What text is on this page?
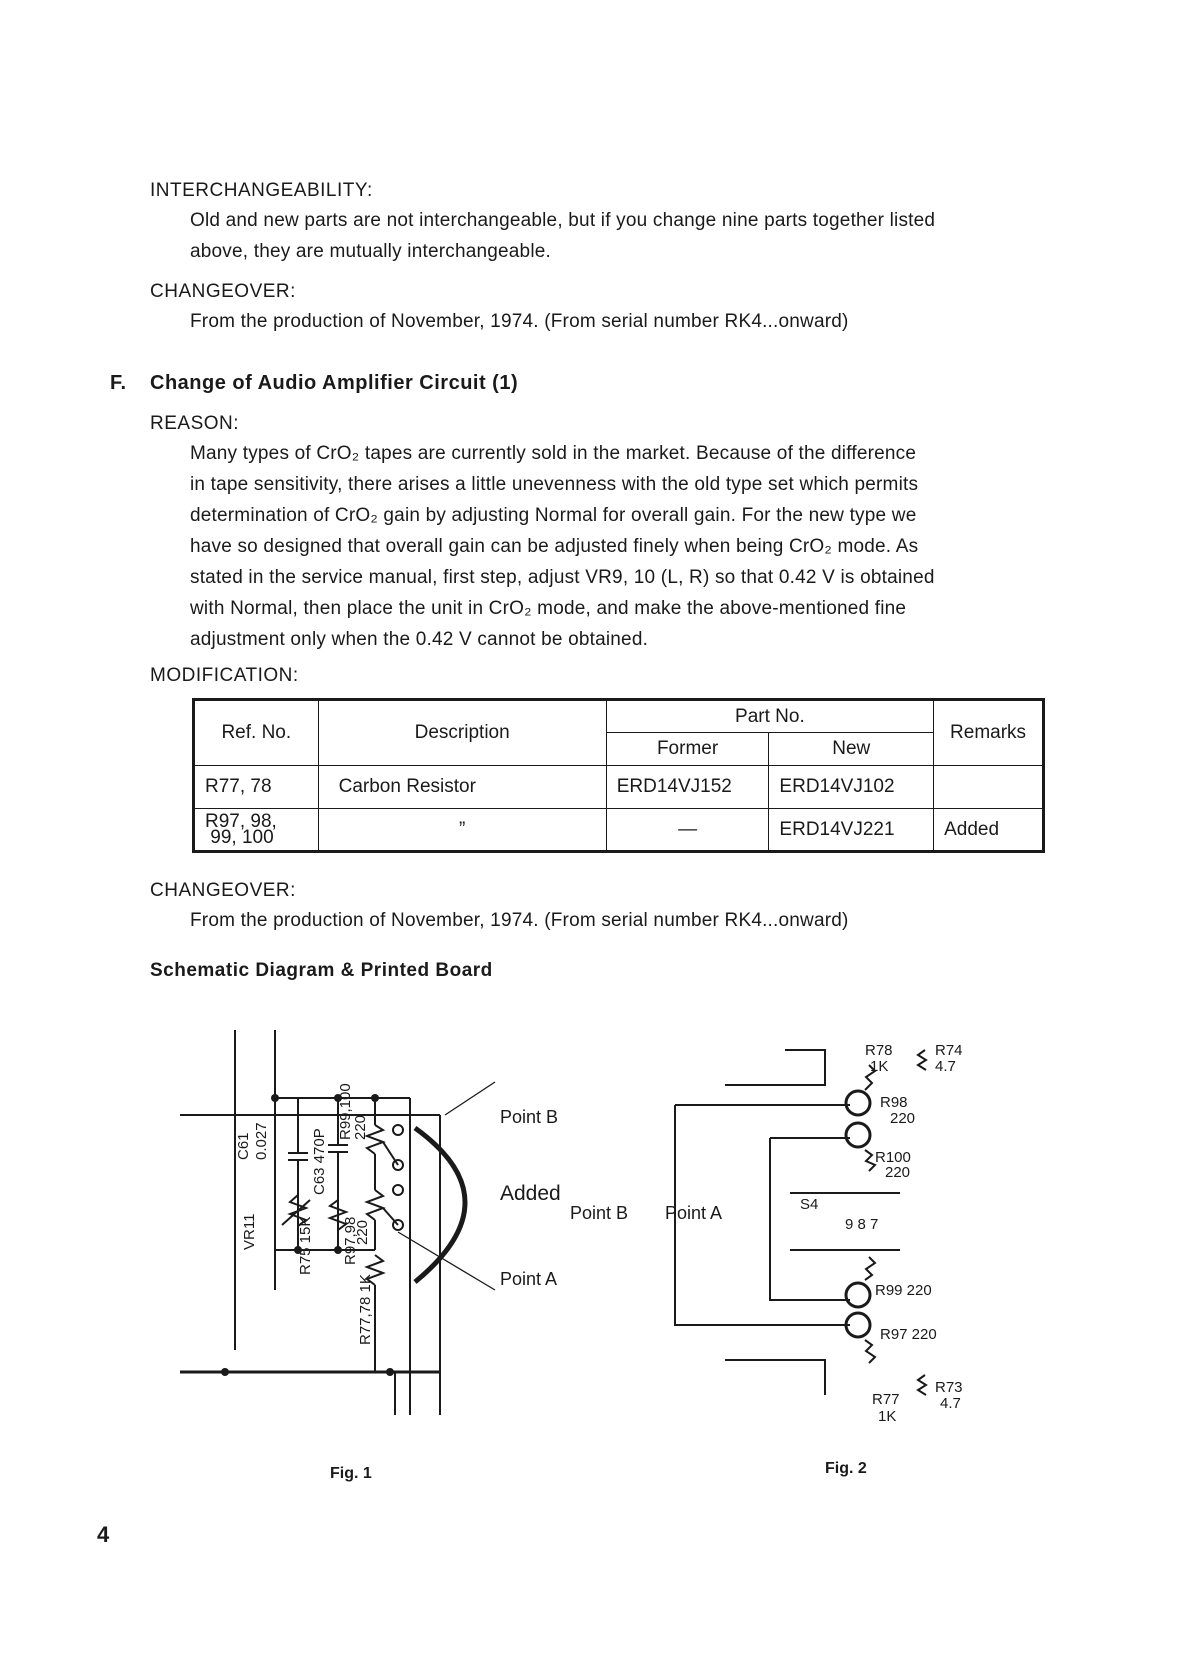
INTERCHANGEABILITY:
Old and new parts are not interchangeable, but if you change nine parts together listed
above, they are mutually interchangeable.
CHANGEOVER:
From the production of November, 1974. (From serial number RK4...onward)
F. Change of Audio Amplifier Circuit (1)
REASON:
Many types of CrO₂ tapes are currently sold in the market. Because of the difference
in tape sensitivity, there arises a little unevenness with the old type set which permits
determination of CrO₂ gain by adjusting Normal for overall gain. For the new type we
have so designed that overall gain can be adjusted finely when being CrO₂ mode. As
stated in the service manual, first step, adjust VR9, 10 (L, R) so that 0.42 V is obtained
with Normal, then place the unit in CrO₂ mode, and make the above-mentioned fine
adjustment only when the 0.42 V cannot be obtained.
MODIFICATION:
Ref. No.	Description	Part No.		Remarks
		Former	New	
R77, 78	Carbon Resistor	ERD14VJ152	ERD14VJ102	

R97, 98,
99, 100	”	—	ERD14VJ221	Added
CHANGEOVER:
From the production of November, 1974. (From serial number RK4...onward)
Schematic Diagram & Printed Board
C61 0.027	C63 470P
R99,100
220
VR11	R75 15K R97,98
220
R77,78 1K
Point B
Added
Point A
Point B Point A
R78
1K
R74
4.7
R98
220
R100
220
S4
9 8 7
R99 220
R97 220
R77
1K
R73
4.7
Fig. 1	Fig. 2
4
